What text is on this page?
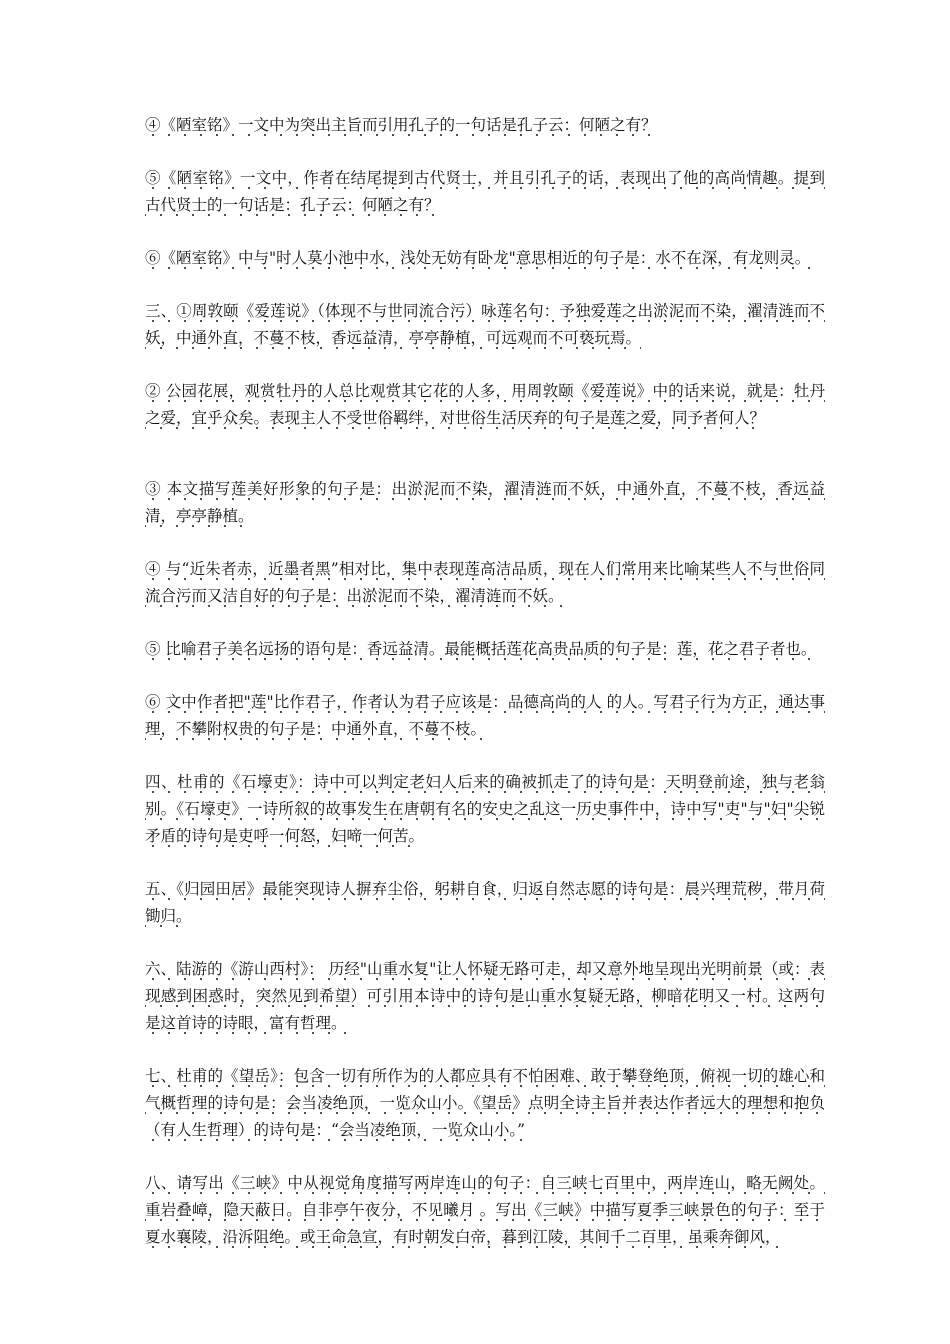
④《陋室铭》一文中为突出主旨而引用孔子的一句话是孔子云：何陋之有？

⑤《陋室铭》一文中，作者在结尾提到古代贤士，并且引孔子的话，表现出了他的高尚情趣。提到古代贤士的一句话是：孔子云：何陋之有？

⑥《陋室铭》中与"时人莫小池中水，浅处无妨有卧龙"意思相近的句子是：水不在深，有龙则灵。

三、①周敦颐《爱莲说》（体现不与世同流合污）咏莲名句：予独爱莲之出淤泥而不染，濯清涟而不妖，中通外直，不蔓不枝，香远益清，亭亭静植，可远观而不可亵玩焉。

② 公园花展，观赏牡丹的人总比观赏其它花的人多，用周敦颐《爱莲说》中的话来说，就是：牡丹之爱，宜乎众矣。表现主人不受世俗羁绊，对世俗生活厌弃的句子是莲之爱，同予者何人？

③ 本文描写莲美好形象的句子是：出淤泥而不染，濯清涟而不妖，中通外直，不蔓不枝，香远益清，亭亭静植。

④ 与“近朱者赤，近墨者黑”相对比，集中表现莲高洁品质，现在人们常用来比喻某些人不与世俗同流合污而又洁自好的句子是：出淤泥而不染，濯清涟而不妖。

⑤ 比喻君子美名远扬的语句是：香远益清。最能概括莲花高贵品质的句子是：莲，花之君子者也。

⑥ 文中作者把"莲"比作君子，作者认为君子应该是：品德高尚的人 的人。写君子行为方正，通达事理，不攀附权贵的句子是：中通外直，不蔓不枝。

四、杜甫的《石壕吏》：诗中可以判定老妇人后来的确被抓走了的诗句是：天明登前途，独与老翁别。《石壕吏》一诗所叙的故事发生在唐朝有名的安史之乱这一历史事件中，诗中写"吏"与"妇"尖锐矛盾的诗句是吏呼一何怒，妇啼一何苦。

五、《归园田居》最能突现诗人摒弃尘俗，躬耕自食，归返自然志愿的诗句是：晨兴理荒秽，带月荷锄归。

六、陆游的《游山西村》： 历经"山重水复"让人怀疑无路可走，却又意外地呈现出光明前景（或：表现感到困惑时，突然见到希望）可引用本诗中的诗句是山重水复疑无路，柳暗花明又一村。这两句是这首诗的诗眼，富有哲理。

七、杜甫的《望岳》：包含一切有所作为的人都应具有不怕困难、敢于攀登绝顶，俯视一切的雄心和气概哲理的诗句是：会当凌绝顶，一览众山小。《望岳》点明全诗主旨并表达作者远大的理想和抱负（有人生哲理）的诗句是：“会当凌绝顶，一览众山小。”

八、请写出《三峡》中从视觉角度描写两岸连山的句子：自三峡七百里中，两岸连山，略无阙处。重岩叠嶂，隐天蔽日。自非亭午夜分，不见曦月 。写出《三峡》中描写夏季三峡景色的句子：至于夏水襄陵，沿泝阻绝。或王命急宣，有时朝发白帝，暮到江陵，其间千二百里，虽乘奔御风，
